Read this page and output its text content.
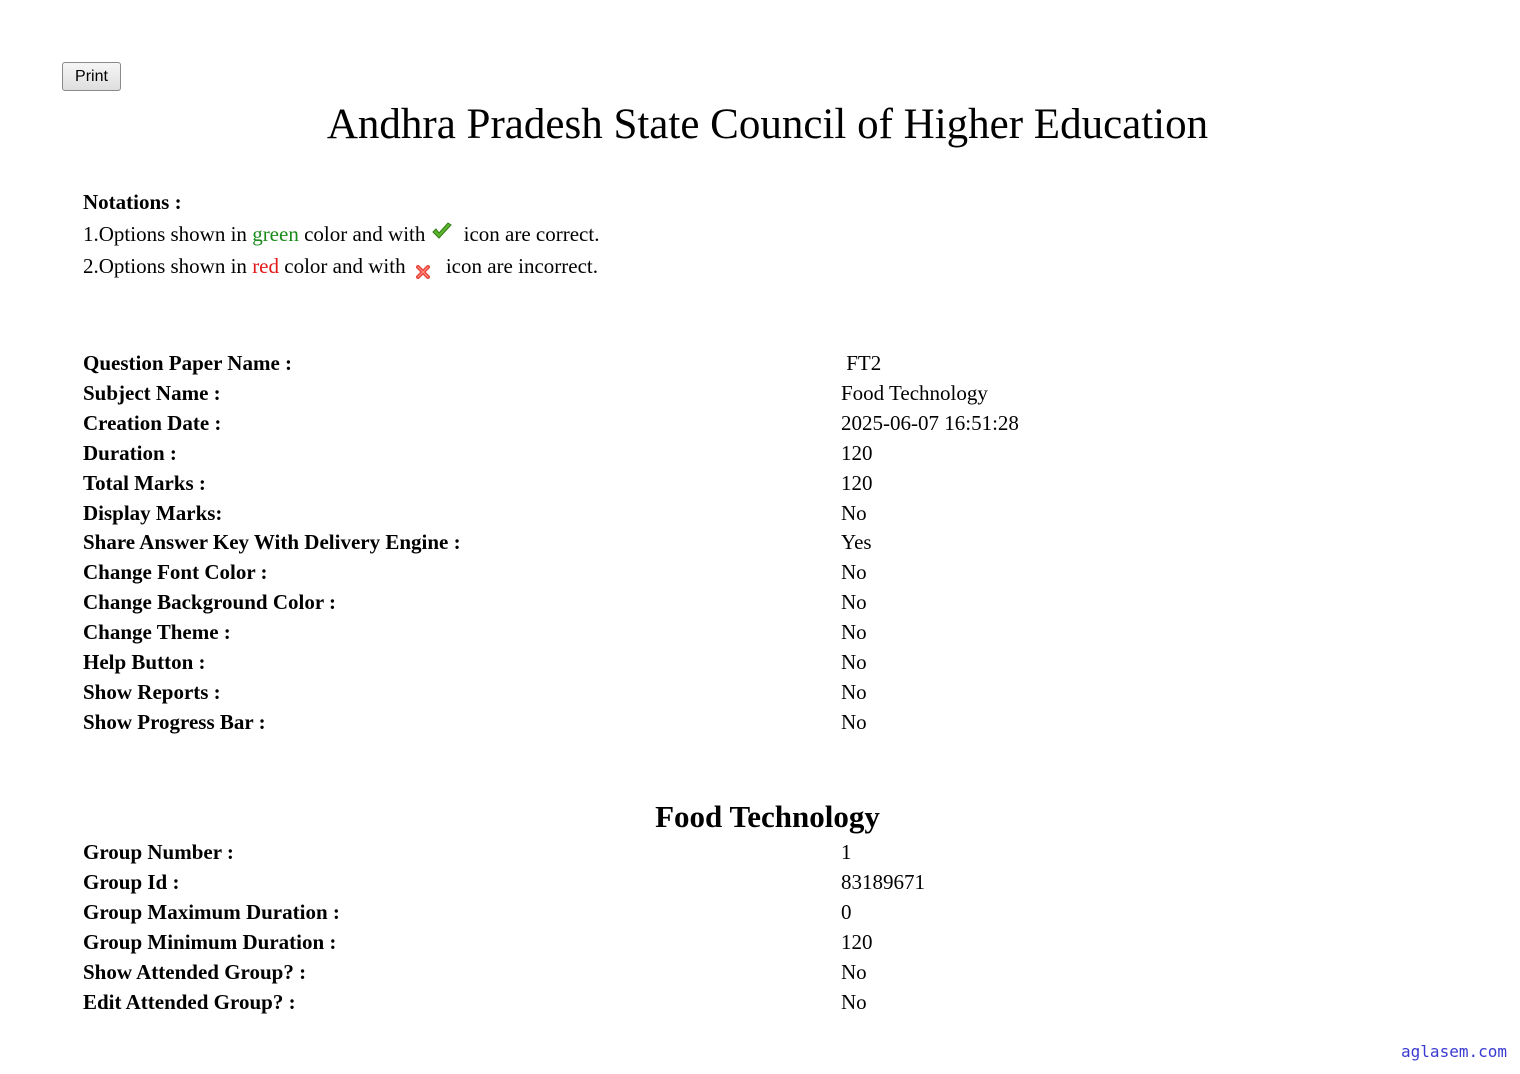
Print
Andhra Pradesh State Council of Higher Education
Notations :
1.Options shown in green color and with icon are correct.
2.Options shown in red color and with icon are incorrect.
Question Paper Name :	FT2
Subject Name :	Food Technology
Creation Date :	2025-06-07 16:51:28
Duration :	120
Total Marks :	120
Display Marks:	No
Share Answer Key With Delivery Engine :	Yes
Change Font Color :	No
Change Background Color :	No
Change Theme :	No
Help Button :	No
Show Reports :	No
Show Progress Bar :	No
Food Technology
Group Number :	1
Group Id :	83189671
Group Maximum Duration :	0
Group Minimum Duration :	120
Show Attended Group? :	No
Edit Attended Group? :	No
aglasem.com
